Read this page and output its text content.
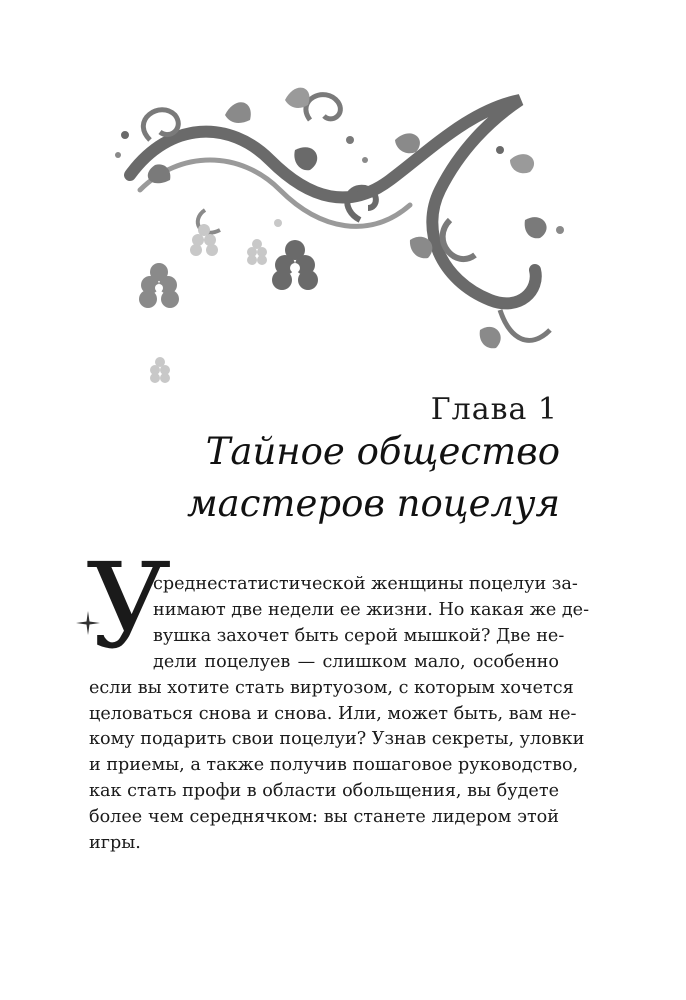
Глава 1
Тайное общество
мастеров поцелуя
У
среднестатистической женщины поцелуи за-
нимают две недели ее жизни. Но какая же де-
вушка захочет быть серой мышкой? Две не-
дели поцелуев — слишком мало, особенно
если вы хотите стать виртуозом, с которым хочется
целоваться снова и снова. Или, может быть, вам не-
кому подарить свои поцелуи? Узнав секреты, уловки
и приемы, а также получив пошаговое руководство,
как стать профи в области обольщения, вы будете
более чем середнячком: вы станете лидером этой
игры.
